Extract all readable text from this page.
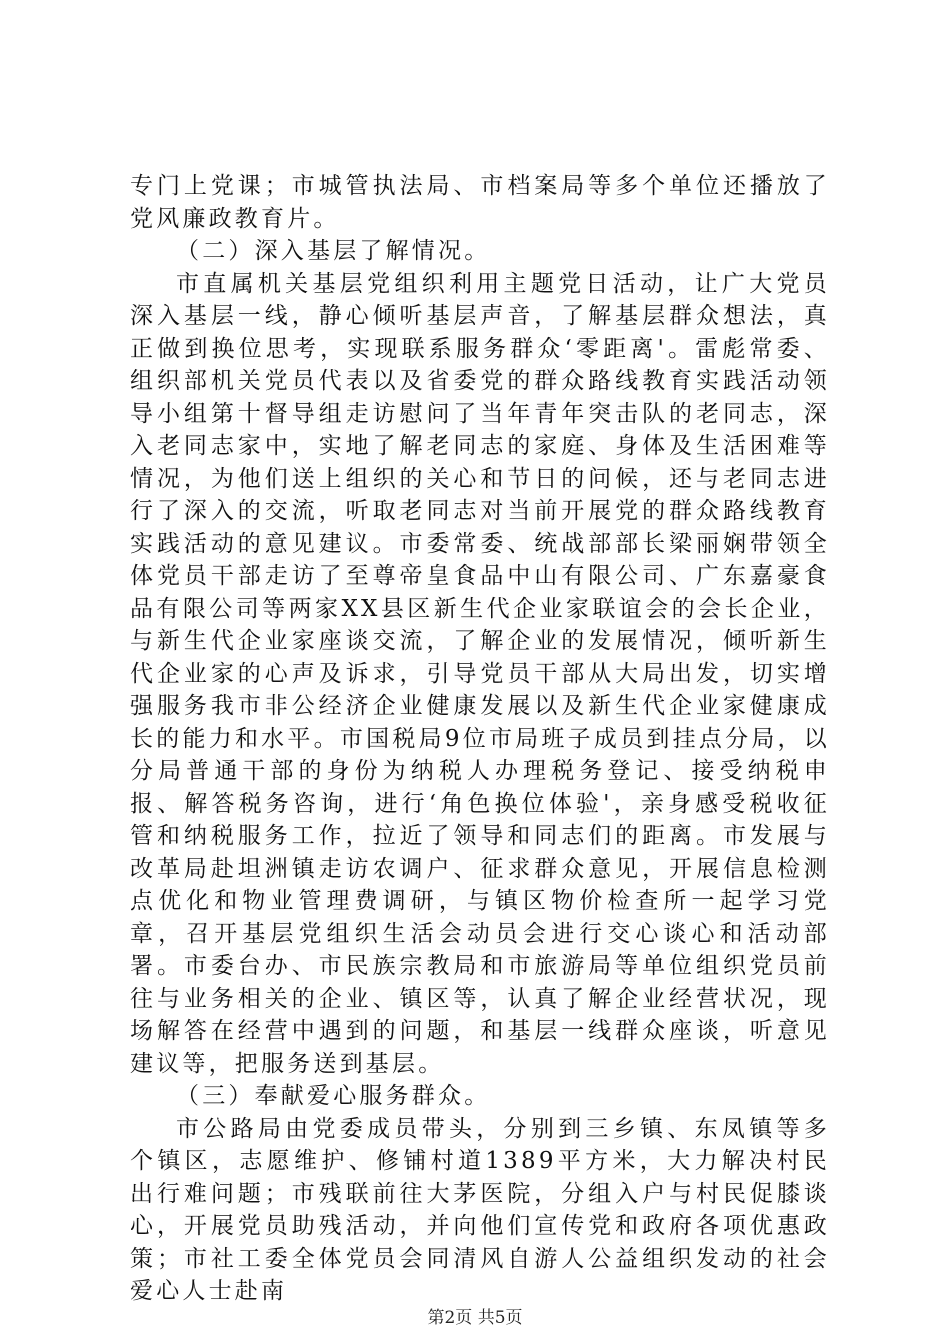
专门上党课；市城管执法局、市档案局等多个单位还播放了党风廉政教育片。

（二）深入基层了解情况。

市直属机关基层党组织利用主题党日活动，让广大党员深入基层一线，静心倾听基层声音，了解基层群众想法，真正做到换位思考，实现联系服务群众‘零距离'。雷彪常委、组织部机关党员代表以及省委党的群众路线教育实践活动领导小组第十督导组走访慰问了当年青年突击队的老同志，深入老同志家中，实地了解老同志的家庭、身体及生活困难等情况，为他们送上组织的关心和节日的问候，还与老同志进行了深入的交流，听取老同志对当前开展党的群众路线教育实践活动的意见建议。市委常委、统战部部长梁丽娴带领全体党员干部走访了至尊帝皇食品中山有限公司、广东嘉豪食品有限公司等两家XX县区新生代企业家联谊会的会长企业，与新生代企业家座谈交流，了解企业的发展情况，倾听新生代企业家的心声及诉求，引导党员干部从大局出发，切实增强服务我市非公经济企业健康发展以及新生代企业家健康成长的能力和水平。市国税局9位市局班子成员到挂点分局，以分局普通干部的身份为纳税人办理税务登记、接受纳税申报、解答税务咨询，进行‘角色换位体验'，亲身感受税收征管和纳税服务工作，拉近了领导和同志们的距离。市发展与改革局赴坦洲镇走访农调户、征求群众意见，开展信息检测点优化和物业管理费调研，与镇区物价检查所一起学习党章，召开基层党组织生活会动员会进行交心谈心和活动部署。市委台办、市民族宗教局和市旅游局等单位组织党员前往与业务相关的企业、镇区等，认真了解企业经营状况，现场解答在经营中遇到的问题，和基层一线群众座谈，听意见建议等，把服务送到基层。

（三）奉献爱心服务群众。

市公路局由党委成员带头，分别到三乡镇、东凤镇等多个镇区，志愿维护、修铺村道1389平方米，大力解决村民出行难问题；市残联前往大茅医院，分组入户与村民促膝谈心，开展党员助残活动，并向他们宣传党和政府各项优惠政策；市社工委全体党员会同清风自游人公益组织发动的社会爱心人士赴南

第2页 共5页
